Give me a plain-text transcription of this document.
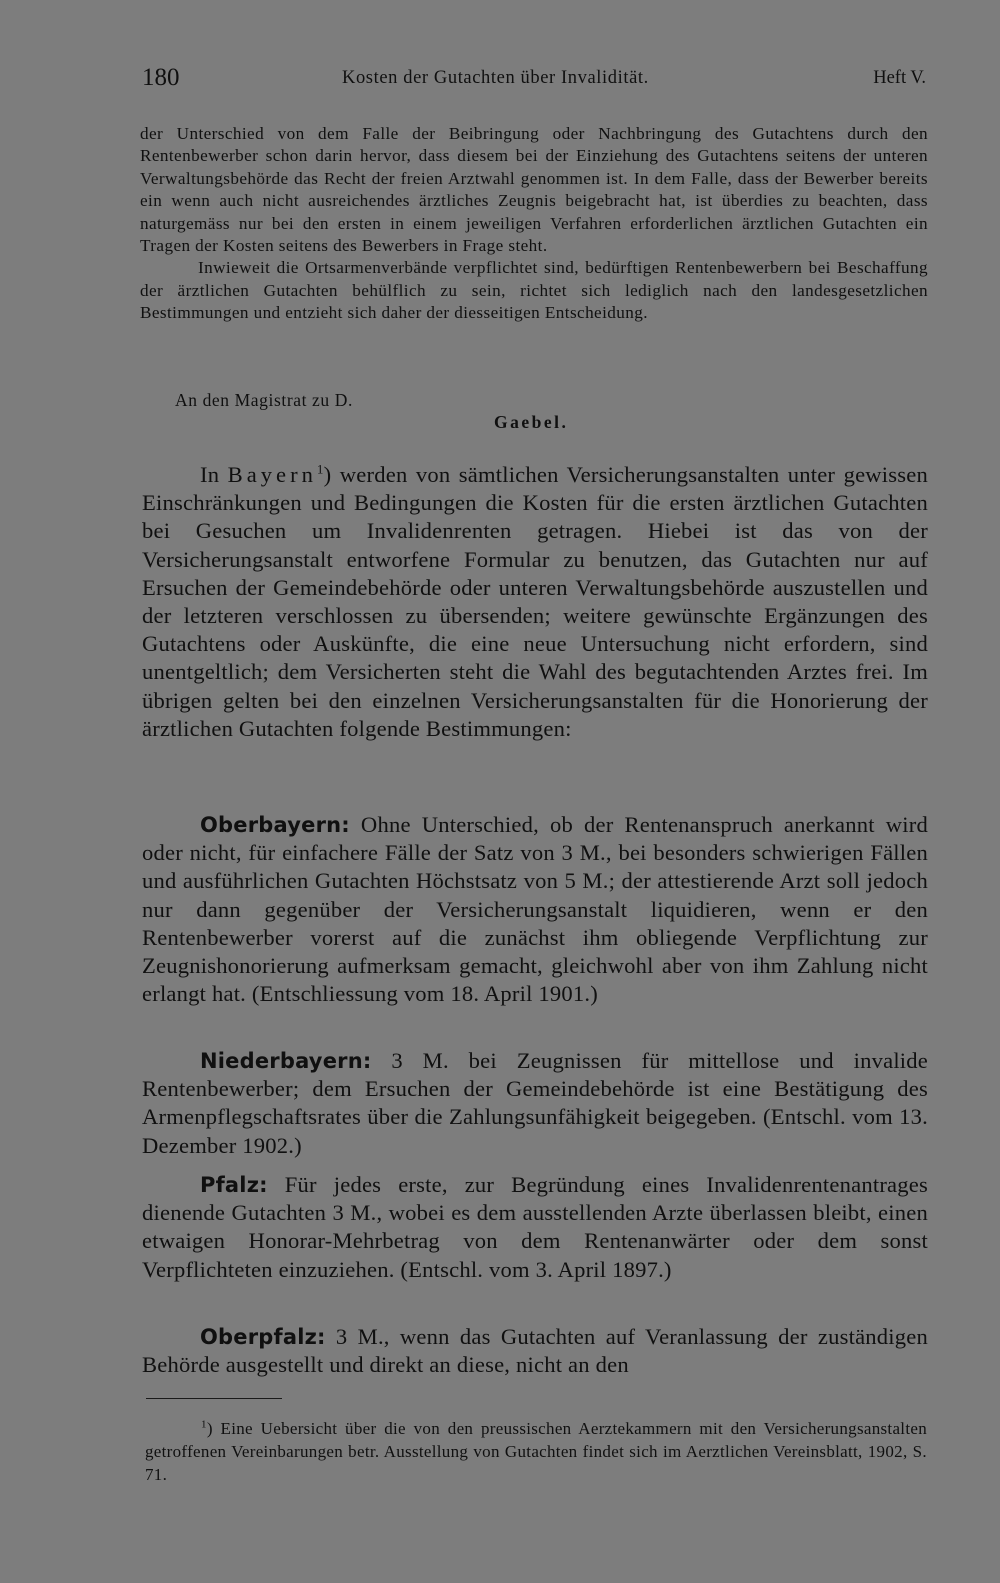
180	Kosten der Gutachten über Invalidität.	Heft V.

der Unterschied von dem Falle der Beibringung oder Nachbringung des Gutachtens durch den Rentenbewerber schon darin hervor, dass diesem bei der Einziehung des Gutachtens seitens der unteren Verwaltungsbehörde das Recht der freien Arztwahl genommen ist. In dem Falle, dass der Bewerber bereits ein wenn auch nicht ausreichendes ärztliches Zeugnis beigebracht hat, ist überdies zu beachten, dass naturgemäss nur bei den ersten in einem jeweiligen Verfahren erforderlichen ärztlichen Gutachten ein Tragen der Kosten seitens des Bewerbers in Frage steht.

Inwieweit die Ortsarmenverbände verpflichtet sind, bedürftigen Rentenbewerbern bei Beschaffung der ärztlichen Gutachten behülflich zu sein, richtet sich lediglich nach den landesgesetzlichen Bestimmungen und entzieht sich daher der diesseitigen Entscheidung.

An den Magistrat zu D.
Gaebel.

In Bayern$^1$) werden von sämtlichen Versicherungsanstalten unter gewissen Einschränkungen und Bedingungen die Kosten für die ersten ärztlichen Gutachten bei Gesuchen um Invalidenrenten getragen. Hiebei ist das von der Versicherungsanstalt entworfene Formular zu benutzen, das Gutachten nur auf Ersuchen der Gemeindebehörde oder unteren Verwaltungsbehörde auszustellen und der letzteren verschlossen zu übersenden; weitere gewünschte Ergänzungen des Gutachtens oder Auskünfte, die eine neue Untersuchung nicht erfordern, sind unentgeltlich; dem Versicherten steht die Wahl des begutachtenden Arztes frei. Im übrigen gelten bei den einzelnen Versicherungsanstalten für die Honorierung der ärztlichen Gutachten folgende Bestimmungen:

Oberbayern: Ohne Unterschied, ob der Rentenanspruch anerkannt wird oder nicht, für einfachere Fälle der Satz von 3 M., bei besonders schwierigen Fällen und ausführlichen Gutachten Höchstsatz von 5 M.; der attestierende Arzt soll jedoch nur dann gegenüber der Versicherungsanstalt liquidieren, wenn er den Rentenbewerber vorerst auf die zunächst ihm obliegende Verpflichtung zur Zeugnishonorierung aufmerksam gemacht, gleichwohl aber von ihm Zahlung nicht erlangt hat. (Entschliessung vom 18. April 1901.)

Niederbayern: 3 M. bei Zeugnissen für mittellose und invalide Rentenbewerber; dem Ersuchen der Gemeindebehörde ist eine Bestätigung des Armenpflegschaftsrates über die Zahlungsunfähigkeit beigegeben. (Entschl. vom 13. Dezember 1902.)

Pfalz: Für jedes erste, zur Begründung eines Invalidenrentenantrages dienende Gutachten 3 M., wobei es dem ausstellenden Arzte überlassen bleibt, einen etwaigen Honorar-Mehrbetrag von dem Rentenanwärter oder dem sonst Verpflichteten einzuziehen. (Entschl. vom 3. April 1897.)

Oberpfalz: 3 M., wenn das Gutachten auf Veranlassung der zuständigen Behörde ausgestellt und direkt an diese, nicht an den

$^1$) Eine Uebersicht über die von den preussischen Aerztekammern mit den Versicherungsanstalten getroffenen Vereinbarungen betr. Ausstellung von Gutachten findet sich im Aerztlichen Vereinsblatt, 1902, S. 71.
